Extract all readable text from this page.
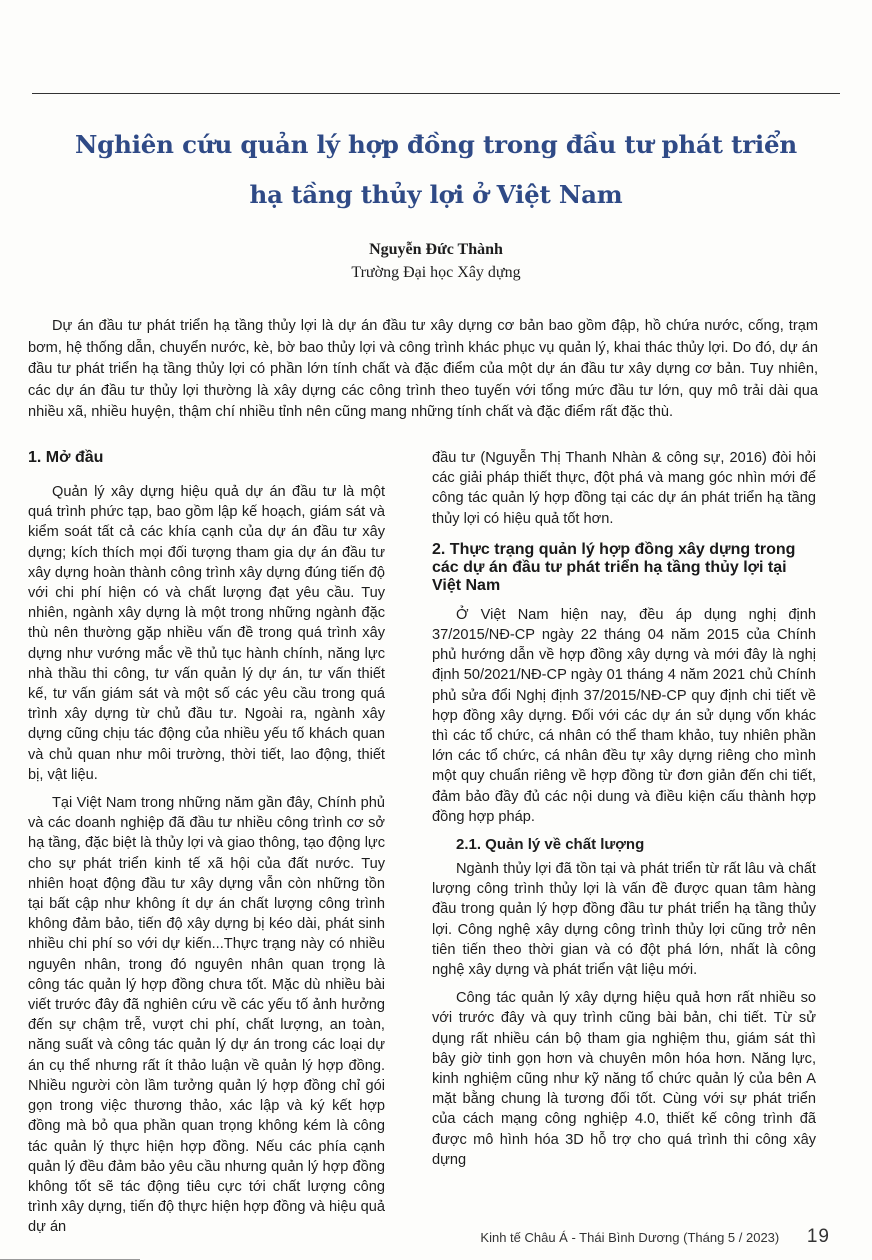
Nghiên cứu quản lý hợp đồng trong đầu tư phát triển
hạ tầng thủy lợi ở Việt Nam
Nguyễn Đức Thành
Trường Đại học Xây dựng

Dự án đầu tư phát triển hạ tầng thủy lợi là dự án đầu tư xây dựng cơ bản bao gồm đập, hồ chứa nước, cống, trạm bơm, hệ thống dẫn, chuyển nước, kè, bờ bao thủy lợi và công trình khác phục vụ quản lý, khai thác thủy lợi. Do đó, dự án đầu tư phát triển hạ tầng thủy lợi có phần lớn tính chất và đặc điểm của một dự án đầu tư xây dựng cơ bản. Tuy nhiên, các dự án đầu tư thủy lợi thường là xây dựng các công trình theo tuyến với tổng mức đầu tư lớn, quy mô trải dài qua nhiều xã, nhiều huyện, thậm chí nhiều tỉnh nên cũng mang những tính chất và đặc điểm rất đặc thù.

1. Mở đầu

Quản lý xây dựng hiệu quả dự án đầu tư là một quá trình phức tạp, bao gồm lập kế hoạch, giám sát và kiểm soát tất cả các khía cạnh của dự án đầu tư xây dựng; kích thích mọi đối tượng tham gia dự án đầu tư xây dựng hoàn thành công trình xây dựng đúng tiến độ với chi phí hiện có và chất lượng đạt yêu cầu. Tuy nhiên, ngành xây dựng là một trong những ngành đặc thù nên thường gặp nhiều vấn đề trong quá trình xây dựng như vướng mắc về thủ tục hành chính, năng lực nhà thầu thi công, tư vấn quản lý dự án, tư vấn thiết kế, tư vấn giám sát và một số các yêu cầu trong quá trình xây dựng từ chủ đầu tư. Ngoài ra, ngành xây dựng cũng chịu tác động của nhiều yếu tố khách quan và chủ quan như môi trường, thời tiết, lao động, thiết bị, vật liệu.

Tại Việt Nam trong những năm gần đây, Chính phủ và các doanh nghiệp đã đầu tư nhiều công trình cơ sở hạ tầng, đặc biệt là thủy lợi và giao thông, tạo động lực cho sự phát triển kinh tế xã hội của đất nước. Tuy nhiên hoạt động đầu tư xây dựng vẫn còn những tồn tại bất cập như không ít dự án chất lượng công trình không đảm bảo, tiến độ xây dựng bị kéo dài, phát sinh nhiều chi phí so với dự kiến...Thực trạng này có nhiều nguyên nhân, trong đó nguyên nhân quan trọng là công tác quản lý hợp đồng chưa tốt. Mặc dù nhiều bài viết trước đây đã nghiên cứu về các yếu tố ảnh hưởng đến sự chậm trễ, vượt chi phí, chất lượng, an toàn, năng suất và công tác quản lý dự án trong các loại dự án cụ thể nhưng rất ít thảo luận về quản lý hợp đồng. Nhiều người còn lầm tưởng quản lý hợp đồng chỉ gói gọn trong việc thương thảo, xác lập và ký kết hợp đồng mà bỏ qua phần quan trọng không kém là công tác quản lý thực hiện hợp đồng. Nếu các phía cạnh quản lý đều đảm bảo yêu cầu nhưng quản lý hợp đồng không tốt sẽ tác động tiêu cực tới chất lượng công trình xây dựng, tiến độ thực hiện hợp đồng và hiệu quả dự án

đầu tư (Nguyễn Thị Thanh Nhàn & công sự, 2016) đòi hỏi các giải pháp thiết thực, đột phá và mang góc nhìn mới để công tác quản lý hợp đồng tại các dự án phát triển hạ tầng thủy lợi có hiệu quả tốt hơn.

2. Thực trạng quản lý hợp đồng xây dựng trong các dự án đầu tư phát triển hạ tầng thủy lợi tại Việt Nam

Ở Việt Nam hiện nay, đều áp dụng nghị định 37/2015/NĐ-CP ngày 22 tháng 04 năm 2015 của Chính phủ hướng dẫn về hợp đồng xây dựng và mới đây là nghị định 50/2021/NĐ-CP ngày 01 tháng 4 năm 2021 chủ Chính phủ sửa đổi Nghị định 37/2015/NĐ-CP quy định chi tiết về hợp đồng xây dựng. Đối với các dự án sử dụng vốn khác thì các tổ chức, cá nhân có thể tham khảo, tuy nhiên phần lớn các tổ chức, cá nhân đều tự xây dựng riêng cho mình một quy chuẩn riêng về hợp đồng từ đơn giản đến chi tiết, đảm bảo đầy đủ các nội dung và điều kiện cấu thành hợp đồng hợp pháp.

2.1. Quản lý về chất lượng

Ngành thủy lợi đã tồn tại và phát triển từ rất lâu và chất lượng công trình thủy lợi là vấn đề được quan tâm hàng đầu trong quản lý hợp đồng đầu tư phát triển hạ tầng thủy lợi. Công nghệ xây dựng công trình thủy lợi cũng trở nên tiên tiến theo thời gian và có đột phá lớn, nhất là công nghệ xây dựng và phát triển vật liệu mới.

Công tác quản lý xây dựng hiệu quả hơn rất nhiều so với trước đây và quy trình cũng bài bản, chi tiết. Từ sử dụng rất nhiều cán bộ tham gia nghiệm thu, giám sát thì bây giờ tinh gọn hơn và chuyên môn hóa hơn. Năng lực, kinh nghiệm cũng như kỹ năng tổ chức quản lý của bên A mặt bằng chung là tương đối tốt. Cùng với sự phát triển của cách mạng công nghiệp 4.0, thiết kế công trình đã được mô hình hóa 3D hỗ trợ cho quá trình thi công xây dựng

Kinh tế Châu Á - Thái Bình Dương (Tháng 5 / 2023) 19
